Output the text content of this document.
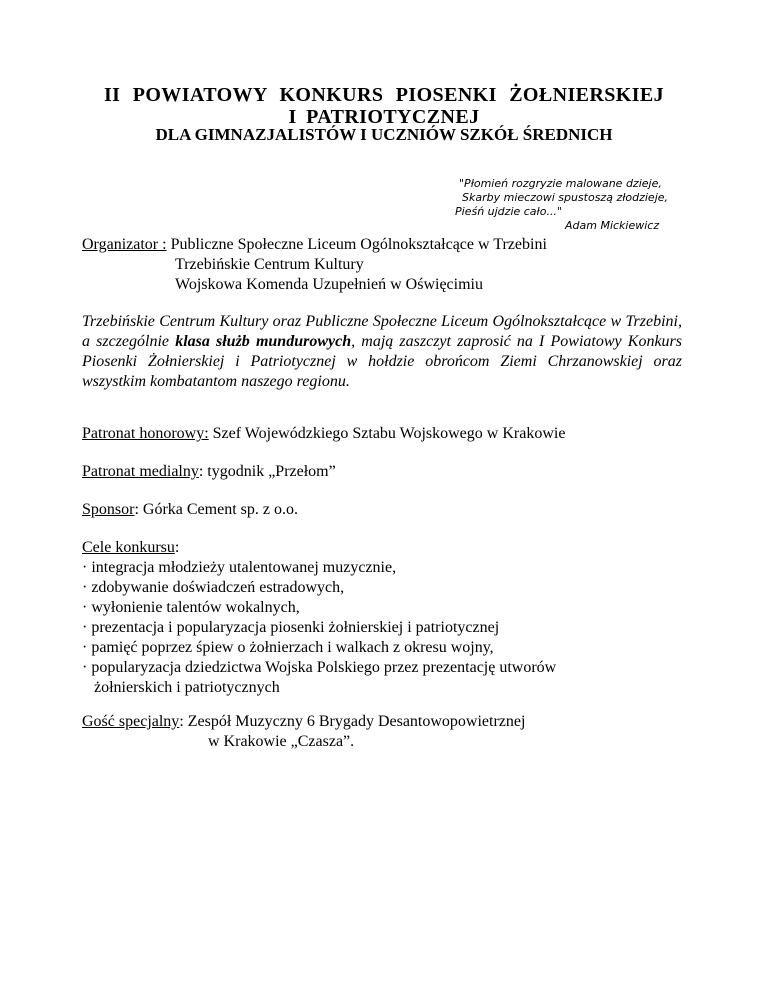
II POWIATOWY KONKURS PIOSENKI ŻOŁNIERSKIEJ
I PATRIOTYCZNEJ
DLA GIMNAZJALISTÓW I UCZNIÓW SZKÓŁ ŚREDNICH
"Płomień rozgryzie malowane dzieje,
Skarby mieczowi spustoszą złodzieje,
Pieśń ujdzie cało..."
Adam Mickiewicz
Organizator : Publiczne Społeczne Liceum Ogólnokształcące w Trzebini
Trzebińskie Centrum Kultury
Wojskowa Komenda Uzupełnień w Oświęcimiu
Trzebińskie Centrum Kultury oraz Publiczne Społeczne Liceum Ogólnokształcące w Trzebini, a szczególnie klasa służb mundurowych, mają zaszczyt zaprosić na I Powiatowy Konkurs Piosenki Żołnierskiej i Patriotycznej w hołdzie obrońcom Ziemi Chrzanowskiej oraz wszystkim kombatantom naszego regionu.
Patronat honorowy: Szef Wojewódzkiego Sztabu Wojskowego w Krakowie
Patronat medialny: tygodnik „Przełom”
Sponsor: Górka Cement sp. z o.o.
Cele konkursu:
· integracja młodzieży utalentowanej muzycznie,
· zdobywanie doświadczeń estradowych,
· wyłonienie talentów wokalnych,
· prezentacja i popularyzacja piosenki żołnierskiej i patriotycznej
· pamięć poprzez śpiew o żołnierzach i walkach z okresu wojny,
· popularyzacja dziedzictwa Wojska Polskiego przez prezentację utworów
żołnierskich i patriotycznych
Gość specjalny: Zespół Muzyczny 6 Brygady Desantowopowietrznej
w Krakowie „Czasza”.
